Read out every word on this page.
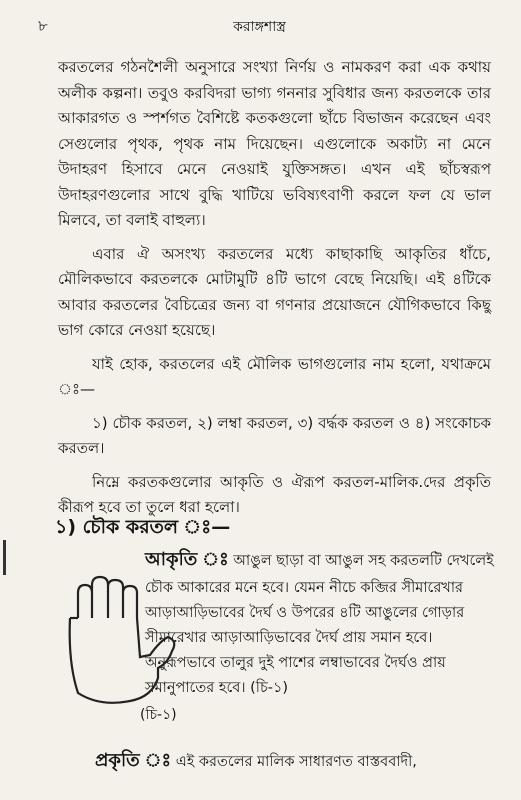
৮	করাঙ্গশাস্ত্র

করতলের গঠনশৈলী অনুসারে সংখ্যা নির্ণয় ও নামকরণ করা এক কথায় অলীক কল্পনা। তবুও করবিদরা ভাগ্য গননার সুবিধার জন্য করতলকে তার আকারগত ও স্পর্শগত বৈশিষ্টে কতকগুলো ছাঁচে বিভাজন করেছেন এবং সেগুলোর পৃথক, পৃথক নাম দিয়েছেন। এগুলোকে অকাট্য না মেনে উদাহরণ হিসাবে মেনে নেওয়াই যুক্তিসঙ্গত। এখন এই ছাঁচস্বরূপ উদাহরণগুলোর সাথে বুদ্ধি খাটিয়ে ভবিষ্যৎবাণী করলে ফল যে ভাল মিলবে, তা বলাই বাহুল্য।

এবার ঐ অসংখ্য করতলের মধ্যে কাছাকাছি আকৃতির ধাঁচে, মৌলিকভাবে করতলকে মোটামুটি ৪টি ভাগে বেছে নিয়েছি। এই ৪টিকে আবার করতলের বৈচিত্রের জন্য বা গণনার প্রয়োজনে যৌগিকভাবে কিছু ভাগ কোরে নেওয়া হয়েছে।

যাই হোক, করতলের এই মৌলিক ভাগগুলোর নাম হলো, যথাক্রমে ঃ—

১) চৌক করতল, ২) লম্বা করতল, ৩) বর্দ্ধক করতল ও ৪) সংকোচক করতল।

নিম্নে করতকগুলোর আকৃতি ও ঐরূপ করতল-মালিক.দের প্রকৃতি কীরূপ হবে তা তুলে ধরা হলো।

১) চৌক করতল ঃ—
আকৃতি ঃ আঙুল ছাড়া বা আঙুল সহ করতলটি দেখলেই চৌক আকারের মনে হবে। যেমন নীচে কব্জির সীমারেখার আড়াআড়িভাবের দৈর্ঘ ও উপরের ৪টি আঙুলের গোড়ার সীমারেখার আড়াআড়িভাবের দৈর্ঘ প্রায় সমান হবে। অনুরূপভাবে তালুর দুই পাশের লম্বাভাবের দৈর্ঘও প্রায় সমানুপাতের হবে। (চি-১)
(চি-১)
প্রকৃতি ঃ এই করতলের মালিক সাধারণত বাস্তববাদী,
